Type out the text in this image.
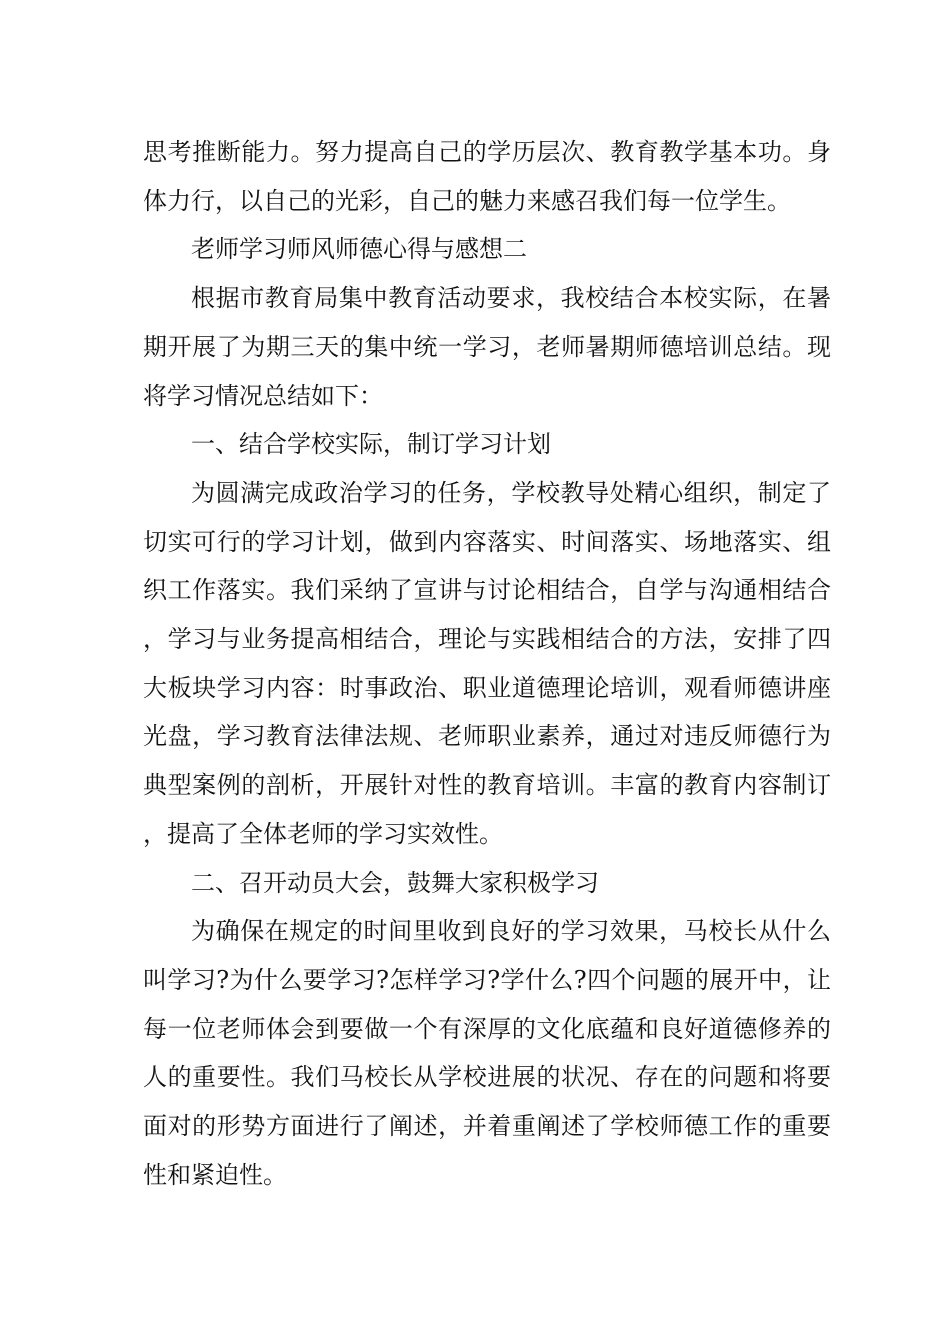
思考推断能力。努力提高自己的学历层次、教育教学基本功。身体力行，以自己的光彩，自己的魅力来感召我们每一位学生。

老师学习师风师德心得与感想二

根据市教育局集中教育活动要求，我校结合本校实际，在暑期开展了为期三天的集中统一学习，老师暑期师德培训总结。现将学习情况总结如下：

一、结合学校实际，制订学习计划

为圆满完成政治学习的任务，学校教导处精心组织，制定了切实可行的学习计划，做到内容落实、时间落实、场地落实、组织工作落实。我们采纳了宣讲与讨论相结合，自学与沟通相结合，学习与业务提高相结合，理论与实践相结合的方法，安排了四大板块学习内容：时事政治、职业道德理论培训，观看师德讲座光盘，学习教育法律法规、老师职业素养，通过对违反师德行为典型案例的剖析，开展针对性的教育培训。丰富的教育内容制订，提高了全体老师的学习实效性。

二、召开动员大会，鼓舞大家积极学习

为确保在规定的时间里收到良好的学习效果，马校长从什么叫学习?为什么要学习?怎样学习?学什么?四个问题的展开中，让每一位老师体会到要做一个有深厚的文化底蕴和良好道德修养的人的重要性。我们马校长从学校进展的状况、存在的问题和将要面对的形势方面进行了阐述，并着重阐述了学校师德工作的重要性和紧迫性。
